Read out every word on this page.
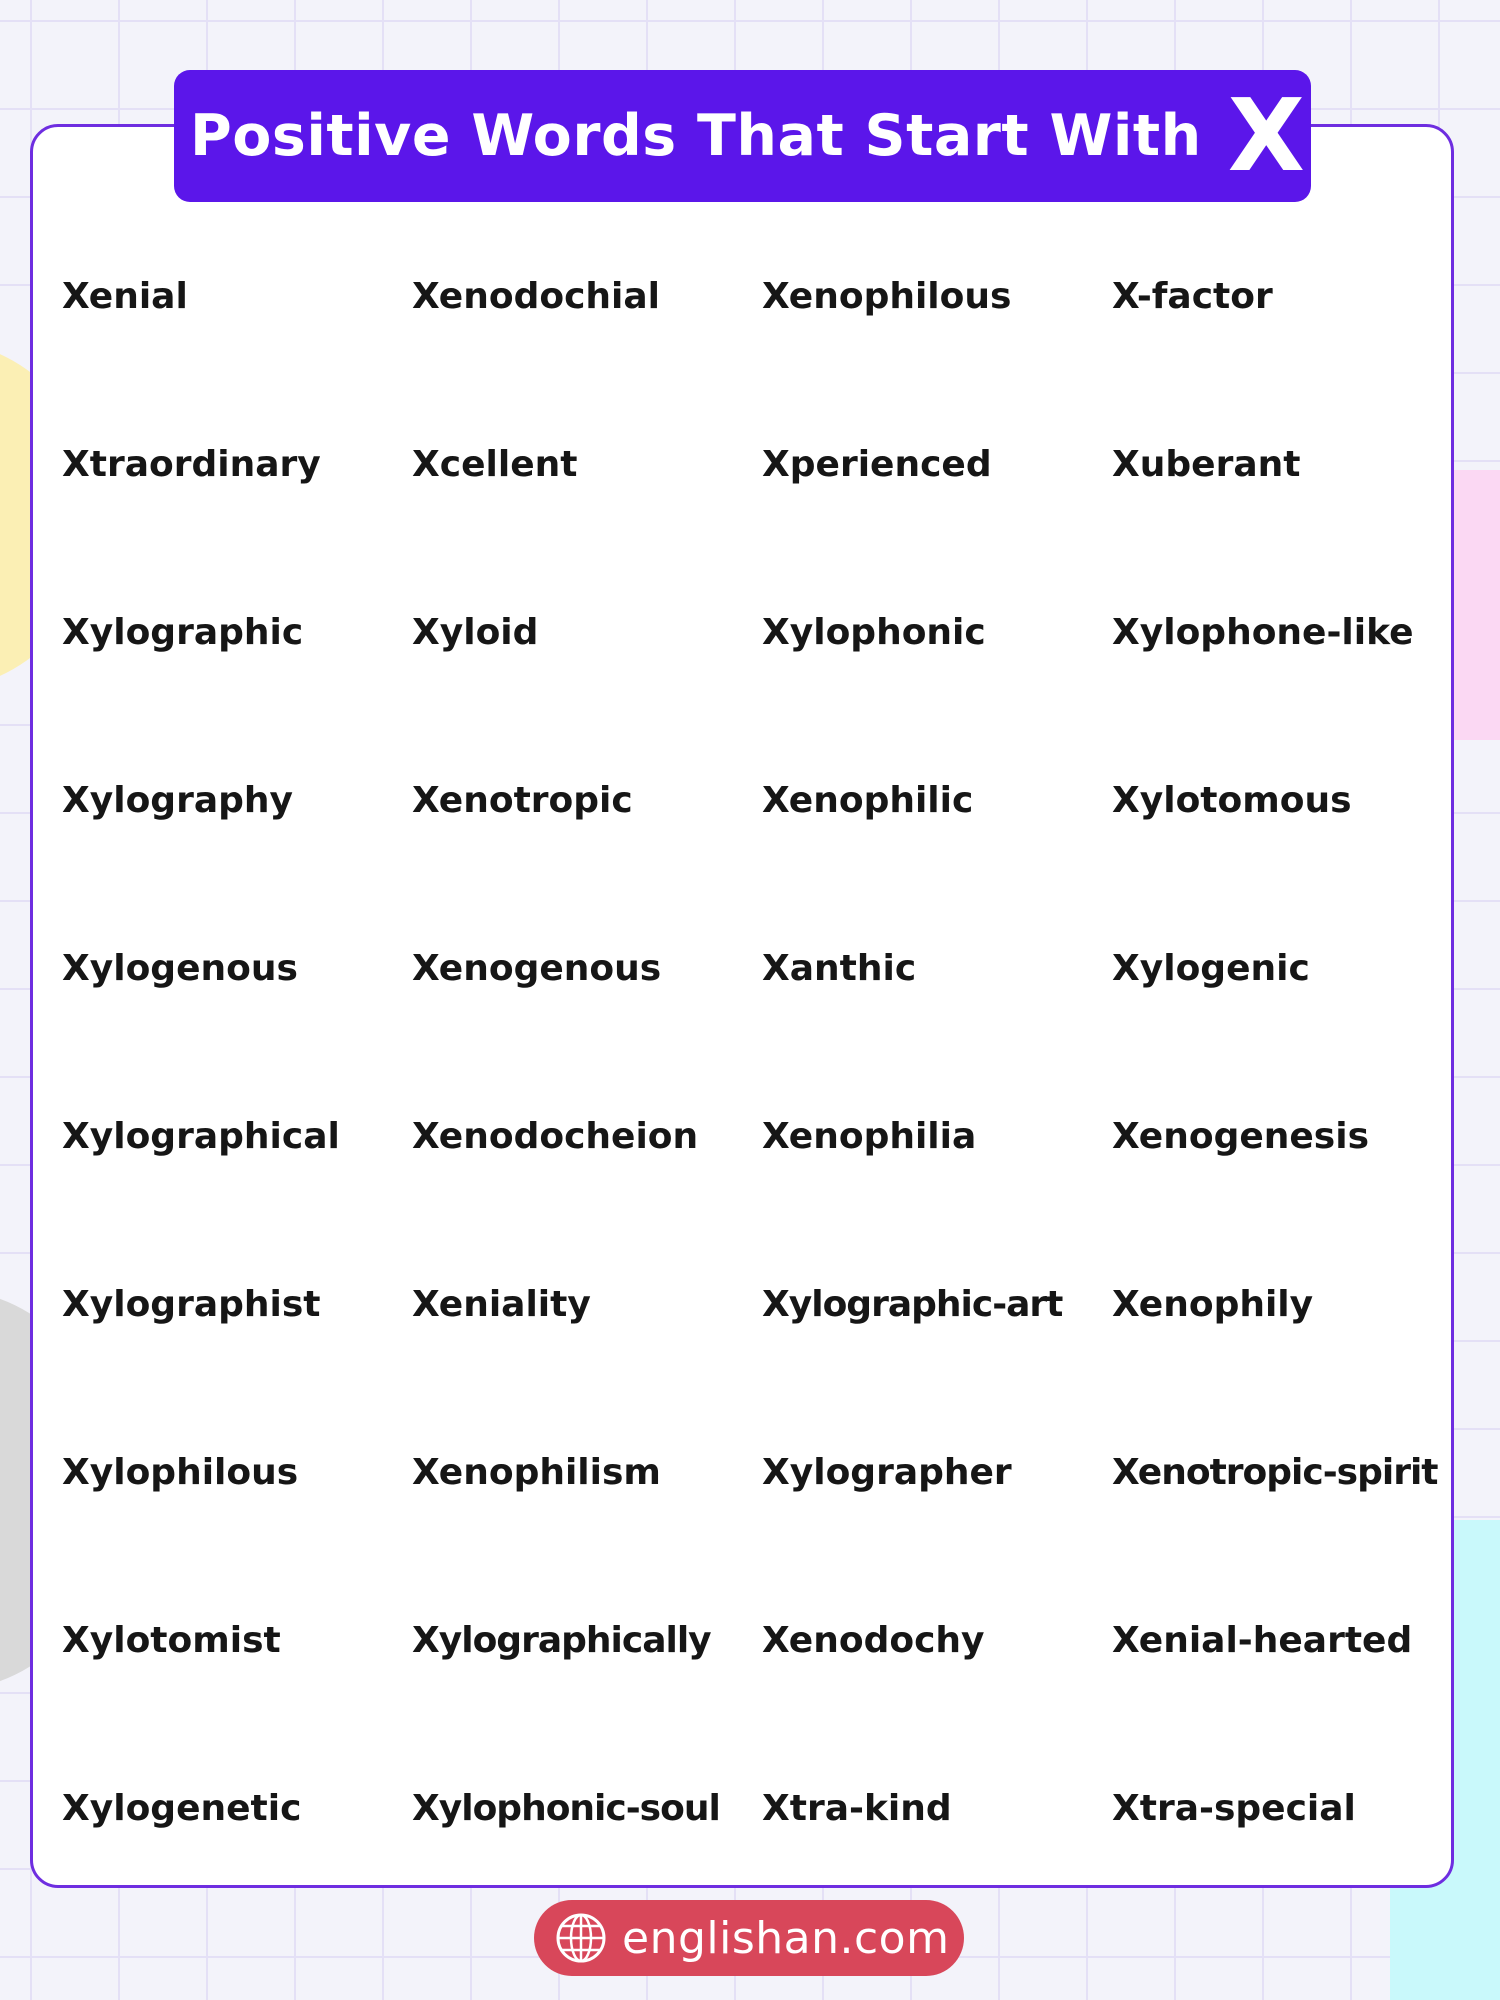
Positive Words That Start With X
Xenial	Xenodochial	Xenophilous	X-factor
Xtraordinary	Xcellent	Xperienced	Xuberant
Xylographic	Xyloid	Xylophonic	Xylophone-like
Xylography	Xenotropic	Xenophilic	Xylotomous
Xylogenous	Xenogenous	Xanthic	Xylogenic
Xylographical	Xenodocheion	Xenophilia	Xenogenesis
Xylographist	Xeniality	Xylographic-art	Xenophily
Xylophilous	Xenophilism	Xylographer	Xenotropic-spirit
Xylotomist	Xylographically	Xenodochy	Xenial-hearted
Xylogenetic	Xylophonic-soul	Xtra-kind	Xtra-special
englishan.com
